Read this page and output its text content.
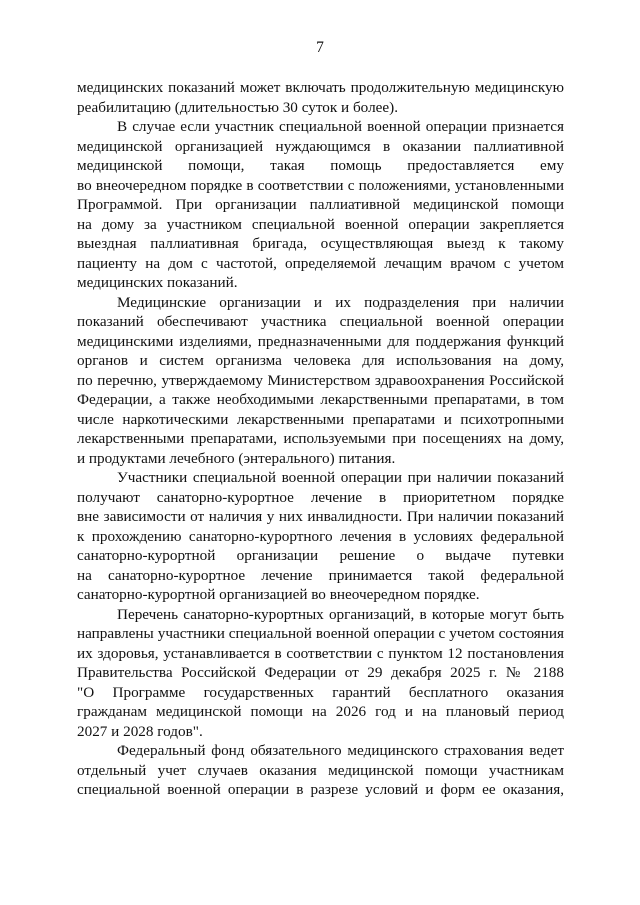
7
медицинских показаний может включать продолжительную медицинскую
реабилитацию (длительностью 30 суток и более).
В случае если участник специальной военной операции признается
медицинской организацией нуждающимся в оказании паллиативной
медицинской помощи, такая помощь предоставляется ему
во внеочередном порядке в соответствии с положениями, установленными
Программой. При организации паллиативной медицинской помощи
на дому за участником специальной военной операции закрепляется
выездная паллиативная бригада, осуществляющая выезд к такому
пациенту на дом с частотой, определяемой лечащим врачом с учетом
медицинских показаний.
Медицинские организации и их подразделения при наличии
показаний обеспечивают участника специальной военной операции
медицинскими изделиями, предназначенными для поддержания функций
органов и систем организма человека для использования на дому,
по перечню, утверждаемому Министерством здравоохранения Российской
Федерации, а также необходимыми лекарственными препаратами, в том
числе наркотическими лекарственными препаратами и психотропными
лекарственными препаратами, используемыми при посещениях на дому,
и продуктами лечебного (энтерального) питания.
Участники специальной военной операции при наличии показаний
получают санаторно-курортное лечение в приоритетном порядке
вне зависимости от наличия у них инвалидности. При наличии показаний
к прохождению санаторно-курортного лечения в условиях федеральной
санаторно-курортной организации решение о выдаче путевки
на санаторно-курортное лечение принимается такой федеральной
санаторно-курортной организацией во внеочередном порядке.
Перечень санаторно-курортных организаций, в которые могут быть
направлены участники специальной военной операции с учетом состояния
их здоровья, устанавливается в соответствии с пунктом 12 постановления
Правительства Российской Федерации от 29 декабря 2025 г. № 2188
"О Программе государственных гарантий бесплатного оказания
гражданам медицинской помощи на 2026 год и на плановый период
2027 и 2028 годов".
Федеральный фонд обязательного медицинского страхования ведет
отдельный учет случаев оказания медицинской помощи участникам
специальной военной операции в разрезе условий и форм ее оказания,
